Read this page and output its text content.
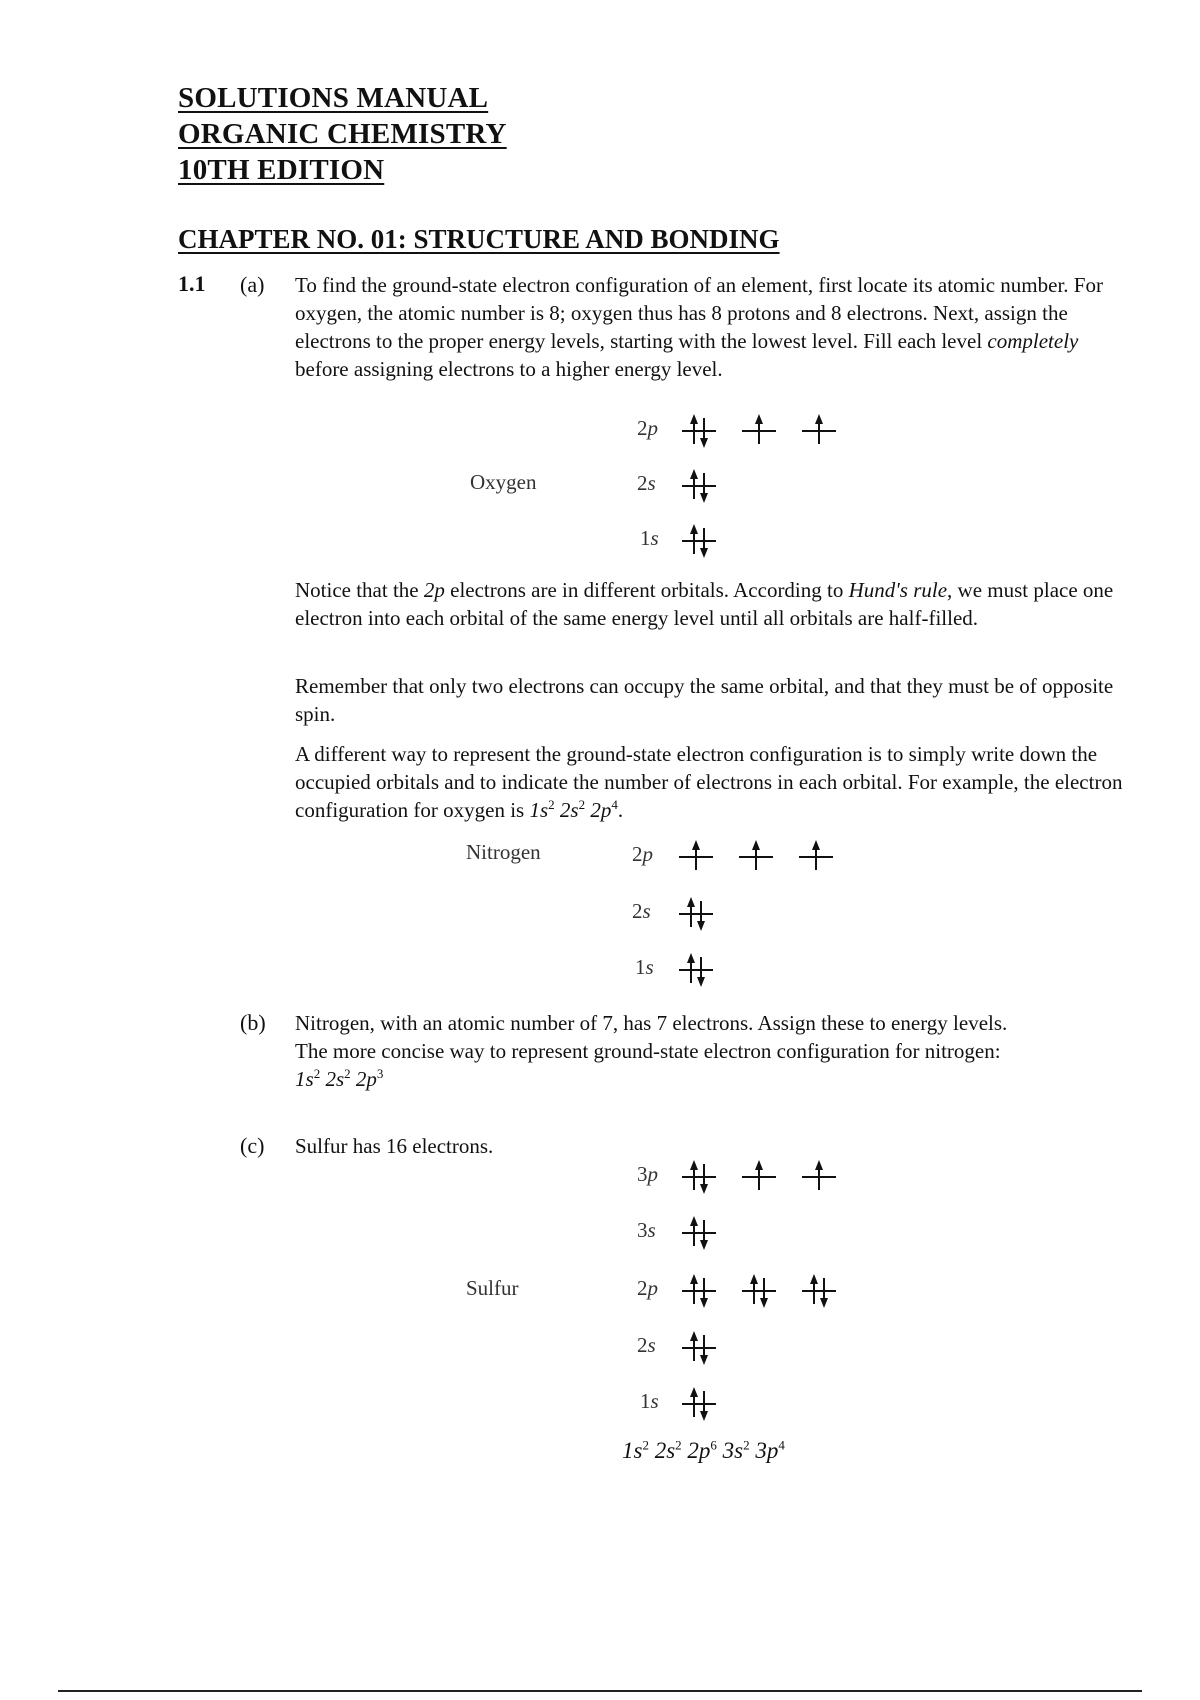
SOLUTIONS MANUAL
ORGANIC CHEMISTRY
10TH EDITION
CHAPTER NO. 01: STRUCTURE AND BONDING
1.1 (a) To find the ground-state electron configuration of an element, first locate its atomic number. For oxygen, the atomic number is 8; oxygen thus has 8 protons and 8 electrons. Next, assign the electrons to the proper energy levels, starting with the lowest level. Fill each level completely before assigning electrons to a higher energy level.

Oxygen
2p
2s
1s

Notice that the 2p electrons are in different orbitals. According to Hund's rule, we must place one electron into each orbital of the same energy level until all orbitals are half-filled.

Remember that only two electrons can occupy the same orbital, and that they must be of opposite spin.

A different way to represent the ground-state electron configuration is to simply write down the occupied orbitals and to indicate the number of electrons in each orbital. For example, the electron configuration for oxygen is $1s^2$ $2s^2$ $2p^4$.

Nitrogen	2p
2s
1s
(b) Nitrogen, with an atomic number of 7, has 7 electrons. Assign these to energy levels.

The more concise way to represent ground-state electron configuration for nitrogen:

$1s^2$ $2s^2$ $2p^3$

(c) Sulfur has 16 electrons.
Sulfur
3p
3s
2p
2s
1s
$1s^2$ $2s^2$ $2p^6$ $3s^2$ $3p^4$
